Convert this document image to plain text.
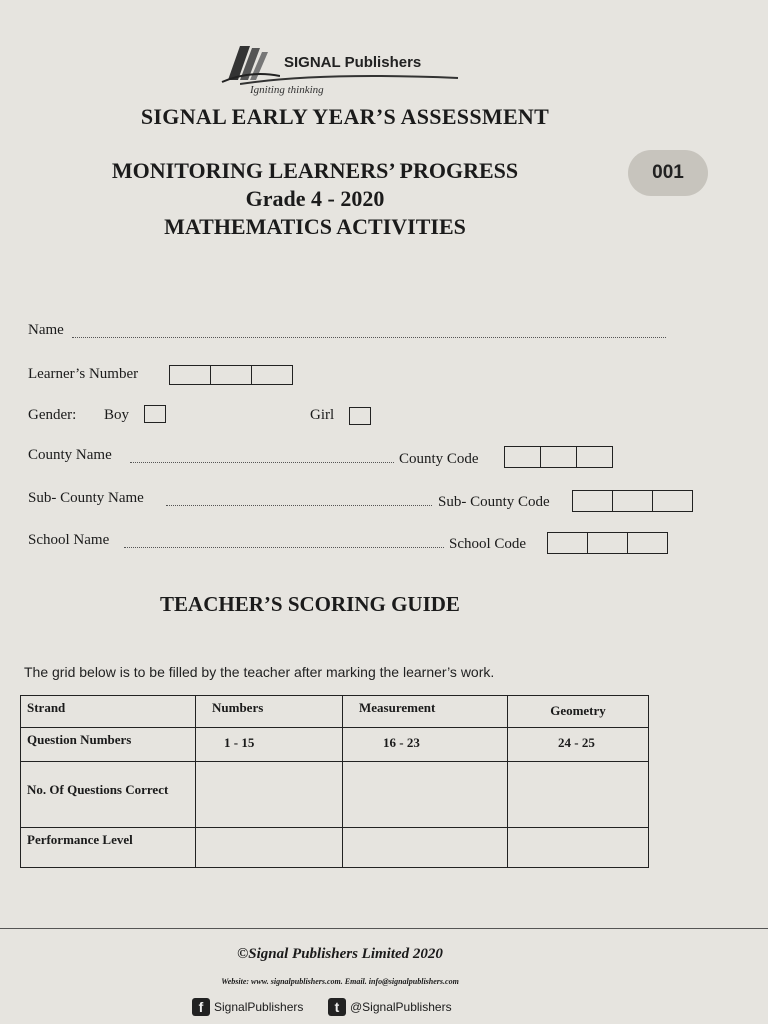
SIGNAL Publishers
Igniting thinking
SIGNAL EARLY YEAR’S ASSESSMENT
MONITORING LEARNERS’ PROGRESS
Grade 4 - 2020
MATHEMATICS ACTIVITIES
001
Name
Learner’s Number
Gender: Boy	Girl
County Name	County Code
Sub- County Name	Sub- County Code
School Name	School Code
TEACHER’S SCORING GUIDE
The grid below is to be filled by the teacher after marking the learner’s work.
Strand	Numbers	Measurement	Geometry
Question Numbers	1 - 15	16 - 23	24 - 25
No. Of Questions Correct			
Performance Level			
©Signal Publishers Limited 2020
Website: www. signalpublishers.com. Email. info@signalpublishers.com
f SignalPublishers	t @SignalPublishers
